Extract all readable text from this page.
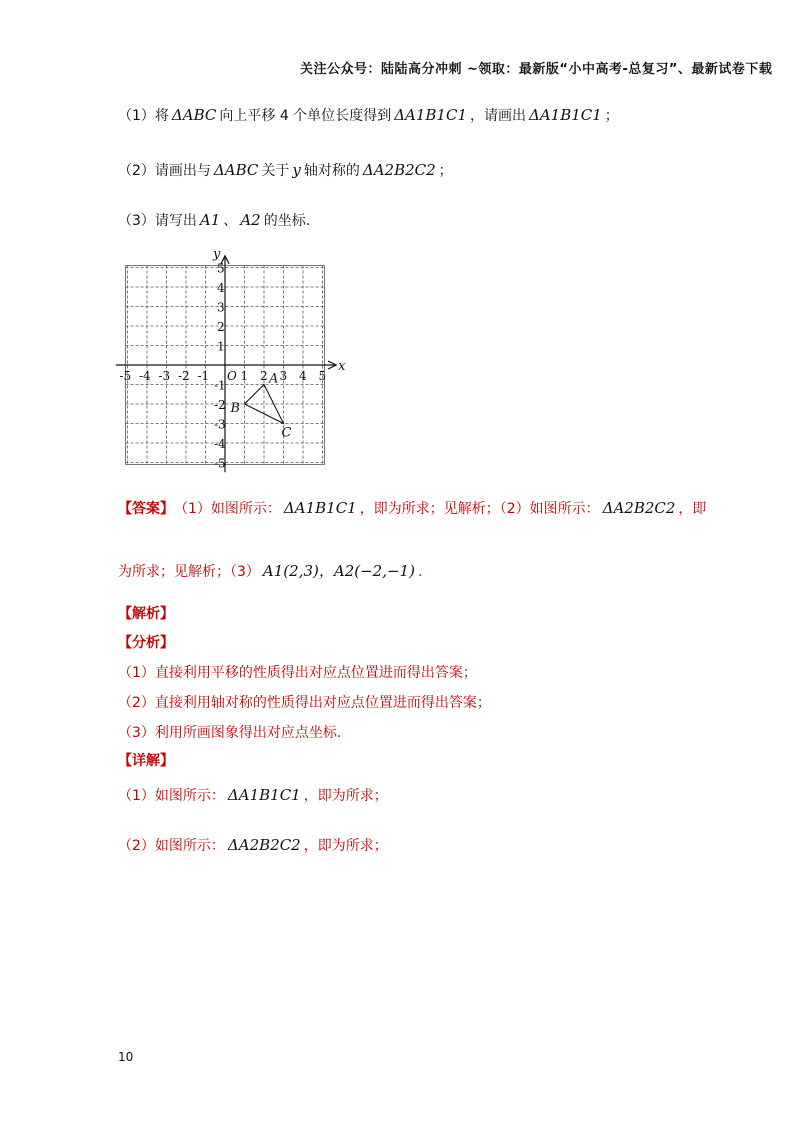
关注公众号：陆陆高分冲刺 ~领取：最新版“小中高考-总复习”、最新试卷下载
（1）将 ΔABC 向上平移 4 个单位长度得到 ΔA1B1C1 ，请画出 ΔA1B1C1 ；
（2）请画出与 ΔABC 关于 y 轴对称的 ΔA2B2C2 ；
（3）请写出 A1 、 A2 的坐标.
-5 -4 -3 -2 -1	1 2 3 4 5
5
4
3
2
1
-1
-2
-3
-4
-5
O
x
y
A
B
C
【答案】 （1）如图所示： ΔA1B1C1 ，即为所求；见解析；（2）如图所示： ΔA2B2C2 ，即
为所求；见解析；（3） A1(2,3)，A2(−2,−1) .
【解析】
【分析】
（1）直接利用平移的性质得出对应点位置进而得出答案；
（2）直接利用轴对称的性质得出对应点位置进而得出答案；
（3）利用所画图象得出对应点坐标.
【详解】
（1）如图所示： ΔA1B1C1 ，即为所求；
（2）如图所示： ΔA2B2C2 ，即为所求；
10
